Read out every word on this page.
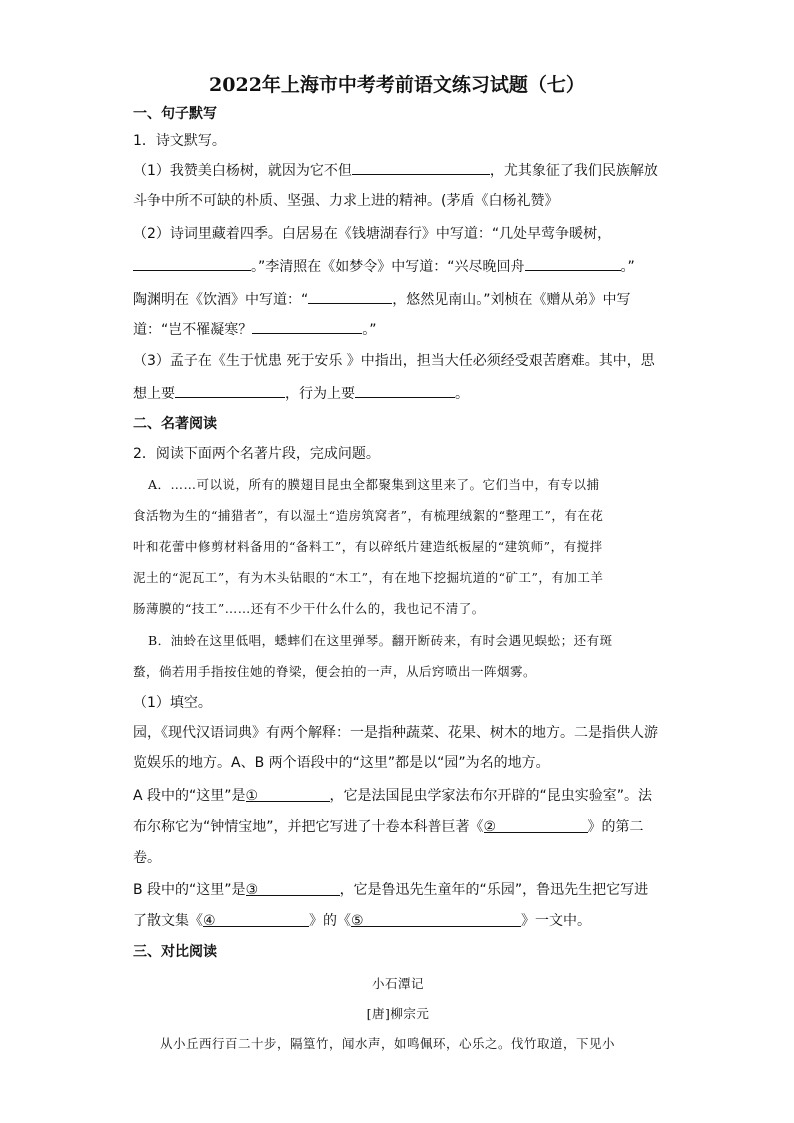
2022年上海市中考考前语文练习试题（七）
一、句子默写
1．诗文默写。
（1）我赞美白杨树，就因为它不但	，尤其象征了我们民族解放
斗争中所不可缺的朴质、坚强、力求上进的精神。(茅盾《白杨礼赞》
（2）诗词里藏着四季。白居易在《钱塘湖春行》中写道：“几处早莺争暖树，
。”李清照在《如梦令》中写道：“兴尽晚回舟	。”
陶渊明在《饮酒》中写道：“	，悠然见南山。”刘桢在《赠从弟》中写
道：“岂不罹凝寒？	。”
（3）孟子在《生于忧患 死于安乐 》中指出，担当大任必须经受艰苦磨难。其中，思
想上要	，行为上要	。
二、名著阅读
2．阅读下面两个名著片段，完成问题。
A．……可以说，所有的膜翅目昆虫全都聚集到这里来了。它们当中，有专以捕
食活物为生的“捕猎者”，有以湿土“造房筑窝者”，有梳理绒絮的“整理工”，有在花
叶和花蕾中修剪材料备用的“备料工”，有以碎纸片建造纸板屋的“建筑师”，有搅拌
泥土的“泥瓦工”，有为木头钻眼的“木工”，有在地下挖掘坑道的“矿工”，有加工羊
肠薄膜的“技工”……还有不少干什么什么的，我也记不清了。
B．油蛉在这里低唱，蟋蟀们在这里弹琴。翻开断砖来，有时会遇见蜈蚣；还有斑
蝥，倘若用手指按住她的脊梁，便会拍的一声，从后窍喷出一阵烟雾。
（1）填空。
园，《现代汉语词典》有两个解释：一是指种蔬菜、花果、树木的地方。二是指供人游
览娱乐的地方。A、B 两个语段中的“这里”都是以“园”为名的地方。
A 段中的“这里”是①	，它是法国昆虫学家法布尔开辟的“昆虫实验室”。法
布尔称它为“钟情宝地”，并把它写进了十卷本科普巨著《②	》的第二
卷。
B 段中的“这里”是③	，它是鲁迅先生童年的“乐园”，鲁迅先生把它写进
了散文集《④	》的《⑤	》一文中。
三、对比阅读
小石潭记
[唐]柳宗元
从小丘西行百二十步，隔篁竹，闻水声，如鸣佩环，心乐之。伐竹取道，下见小
